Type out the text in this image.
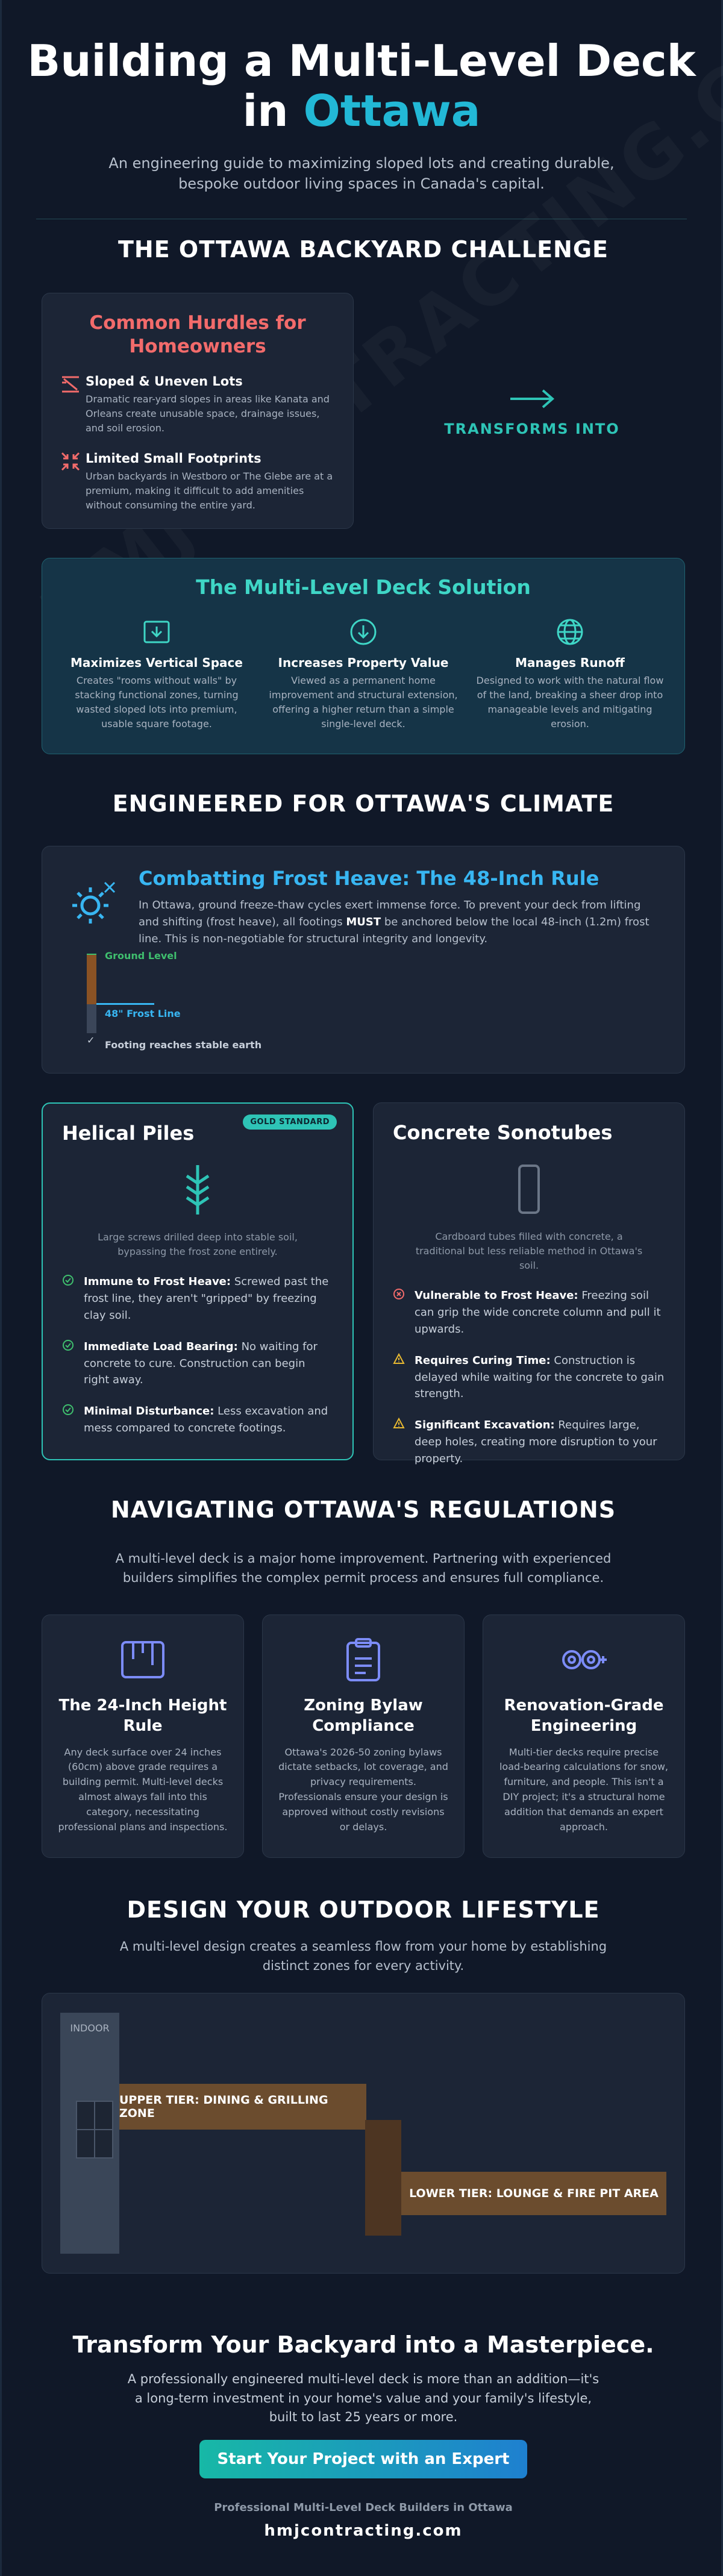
Building a Multi-Level Deck
in Ottawa

An engineering guide to maximizing sloped lots and creating durable, bespoke outdoor living spaces in Canada's capital.

THE OTTAWA BACKYARD CHALLENGE
Common Hurdles for Homeowners
Sloped & Uneven Lots

Dramatic rear-yard slopes in areas like Kanata and Orleans create unusable space, drainage issues, and soil erosion.

Limited Small Footprints

Urban backyards in Westboro or The Glebe are at a premium, making it difficult to add amenities without consuming the entire yard.

TRANSFORMS INTO
The Multi-Level Deck Solution
Maximizes Vertical Space

Creates "rooms without walls" by stacking functional zones, turning wasted sloped lots into premium, usable square footage.

Increases Property Value

Viewed as a permanent home improvement and structural extension, offering a higher return than a simple single-level deck.

Manages Runoff

Designed to work with the natural flow of the land, breaking a sheer drop into manageable levels and mitigating erosion.

ENGINEERED FOR OTTAWA'S CLIMATE
Combatting Frost Heave: The 48-Inch Rule

In Ottawa, ground freeze-thaw cycles exert immense force. To prevent your deck from lifting and shifting (frost heave), all footings MUST be anchored below the local 48-inch (1.2m) frost line. This is non-negotiable for structural integrity and longevity.

Ground Level
48" Frost Line
✓ Footing reaches stable earth
GOLD STANDARD
Helical Piles

Large screws drilled deep into stable soil, bypassing the frost zone entirely.

Immune to Frost Heave: Screwed past the frost line, they aren't "gripped" by freezing clay soil.
Immediate Load Bearing: No waiting for concrete to cure. Construction can begin right away.
Minimal Disturbance: Less excavation and mess compared to concrete footings.
Concrete Sonotubes

Cardboard tubes filled with concrete, a traditional but less reliable method in Ottawa's soil.

Vulnerable to Frost Heave: Freezing soil can grip the wide concrete column and pull it upwards.
Requires Curing Time: Construction is delayed while waiting for the concrete to gain strength.
Significant Excavation: Requires large, deep holes, creating more disruption to your property.
NAVIGATING OTTAWA'S REGULATIONS

A multi-level deck is a major home improvement. Partnering with experienced builders simplifies the complex permit process and ensures full compliance.

The 24-Inch Height Rule

Any deck surface over 24 inches (60cm) above grade requires a building permit. Multi-level decks almost always fall into this category, necessitating professional plans and inspections.

Zoning Bylaw Compliance

Ottawa's 2026-50 zoning bylaws dictate setbacks, lot coverage, and privacy requirements. Professionals ensure your design is approved without costly revisions or delays.

Renovation-Grade Engineering

Multi-tier decks require precise load-bearing calculations for snow, furniture, and people. This isn't a DIY project; it's a structural home addition that demands an expert approach.

DESIGN YOUR OUTDOOR LIFESTYLE

A multi-level design creates a seamless flow from your home by establishing distinct zones for every activity.

INDOOR
UPPER TIER: DINING & GRILLING ZONE
LOWER TIER: LOUNGE & FIRE PIT AREA
Transform Your Backyard into a Masterpiece.

A professionally engineered multi-level deck is more than an addition—it's a long-term investment in your home's value and your family's lifestyle, built to last 25 years or more.

Start Your Project with an Expert
Professional Multi-Level Deck Builders in Ottawa
hmjcontracting.com
